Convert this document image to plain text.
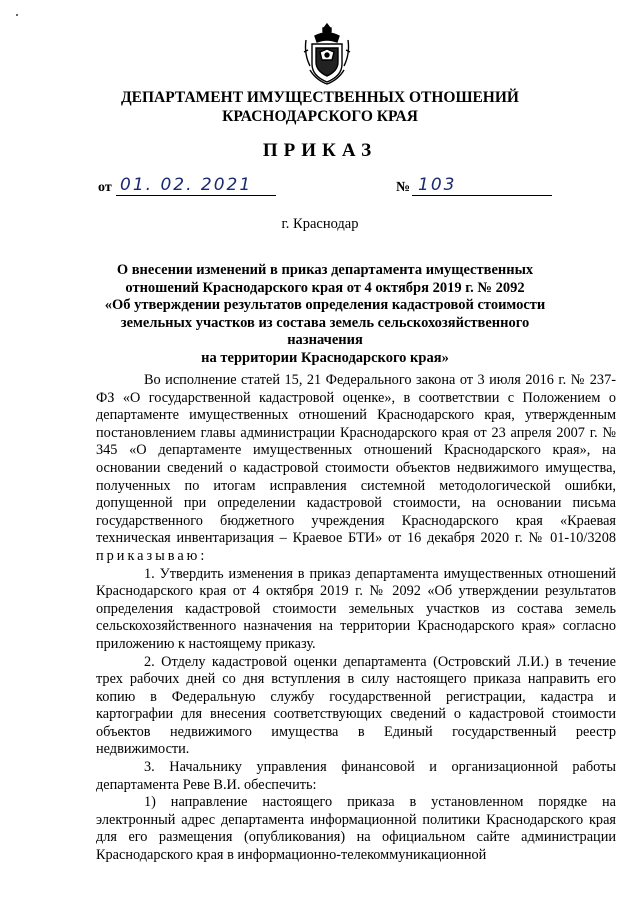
ДЕПАРТАМЕНТ ИМУЩЕСТВЕННЫХ ОТНОШЕНИЙ
КРАСНОДАРСКОГО КРАЯ
ПРИКАЗ
от 01. 02. 2021	№ 103
г. Краснодар
О внесении изменений в приказ департамента имущественных
отношений Краснодарского края от 4 октября 2019 г. № 2092
«Об утверждении результатов определения кадастровой стоимости
земельных участков из состава земель сельскохозяйственного назначения
на территории Краснодарского края»

Во исполнение статей 15, 21 Федерального закона от 3 июля 2016 г. № 237-ФЗ «О государственной кадастровой оценке», в соответствии с Положением о департаменте имущественных отношений Краснодарского края, утвержденным постановлением главы администрации Краснодарского края от 23 апреля 2007 г. № 345 «О департаменте имущественных отношений Краснодарского края», на основании сведений о кадастровой стоимости объектов недвижимого имущества, полученных по итогам исправления системной методологической ошибки, допущенной при определении кадастровой стоимости, на основании письма государственного бюджетного учреждения Краснодарского края «Краевая техническая инвентаризация – Краевое БТИ» от 16 декабря 2020 г. № 01-10/3208 приказываю:

1. Утвердить изменения в приказ департамента имущественных отношений Краснодарского края от 4 октября 2019 г. № 2092 «Об утверждении результатов определения кадастровой стоимости земельных участков из состава земель сельскохозяйственного назначения на территории Краснодарского края» согласно приложению к настоящему приказу.

2. Отделу кадастровой оценки департамента (Островский Л.И.) в течение трех рабочих дней со дня вступления в силу настоящего приказа направить его копию в Федеральную службу государственной регистрации, кадастра и картографии для внесения соответствующих сведений о кадастровой стоимости объектов недвижимого имущества в Единый государственный реестр недвижимости.

3. Начальнику управления финансовой и организационной работы департамента Реве В.И. обеспечить:

1) направление настоящего приказа в установленном порядке на электронный адрес департамента информационной политики Краснодарского края для его размещения (опубликования) на официальном сайте администрации Краснодарского края в информационно-телекоммуникационной
